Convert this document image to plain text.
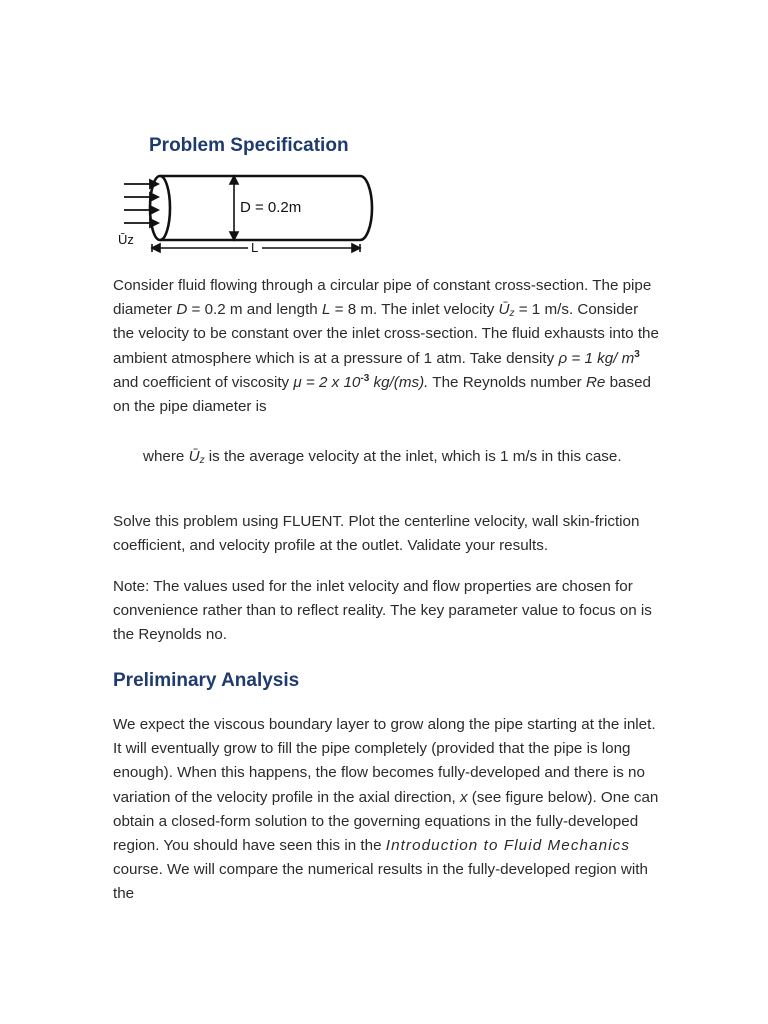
Problem Specification
D = 0.2m
L
Ūz

Consider fluid flowing through a circular pipe of constant cross-section. The pipe diameter D = 0.2 m and length L = 8 m. The inlet velocity $Ū_z = 1$ m/s. Consider the velocity to be constant over the inlet cross-section. The fluid exhausts into the ambient atmosphere which is at a pressure of 1 atm. Take density ρ = 1 kg/ $m^3$ and coefficient of viscosity μ = 2 x $10^{-3}$ kg/(ms). The Reynolds number Re based on the pipe diameter is

where $Ū_z$ is the average velocity at the inlet, which is 1 m/s in this case.

Solve this problem using FLUENT. Plot the centerline velocity, wall skin-friction coefficient, and velocity profile at the outlet. Validate your results.

Note: The values used for the inlet velocity and flow properties are chosen for convenience rather than to reflect reality. The key parameter value to focus on is the Reynolds no.

Preliminary Analysis

We expect the viscous boundary layer to grow along the pipe starting at the inlet. It will eventually grow to fill the pipe completely (provided that the pipe is long enough). When this happens, the flow becomes fully-developed and there is no variation of the velocity profile in the axial direction, x (see figure below). One can obtain a closed-form solution to the governing equations in the fully-developed region. You should have seen this in the Introduction to Fluid Mechanics course. We will compare the numerical results in the fully-developed region with the
